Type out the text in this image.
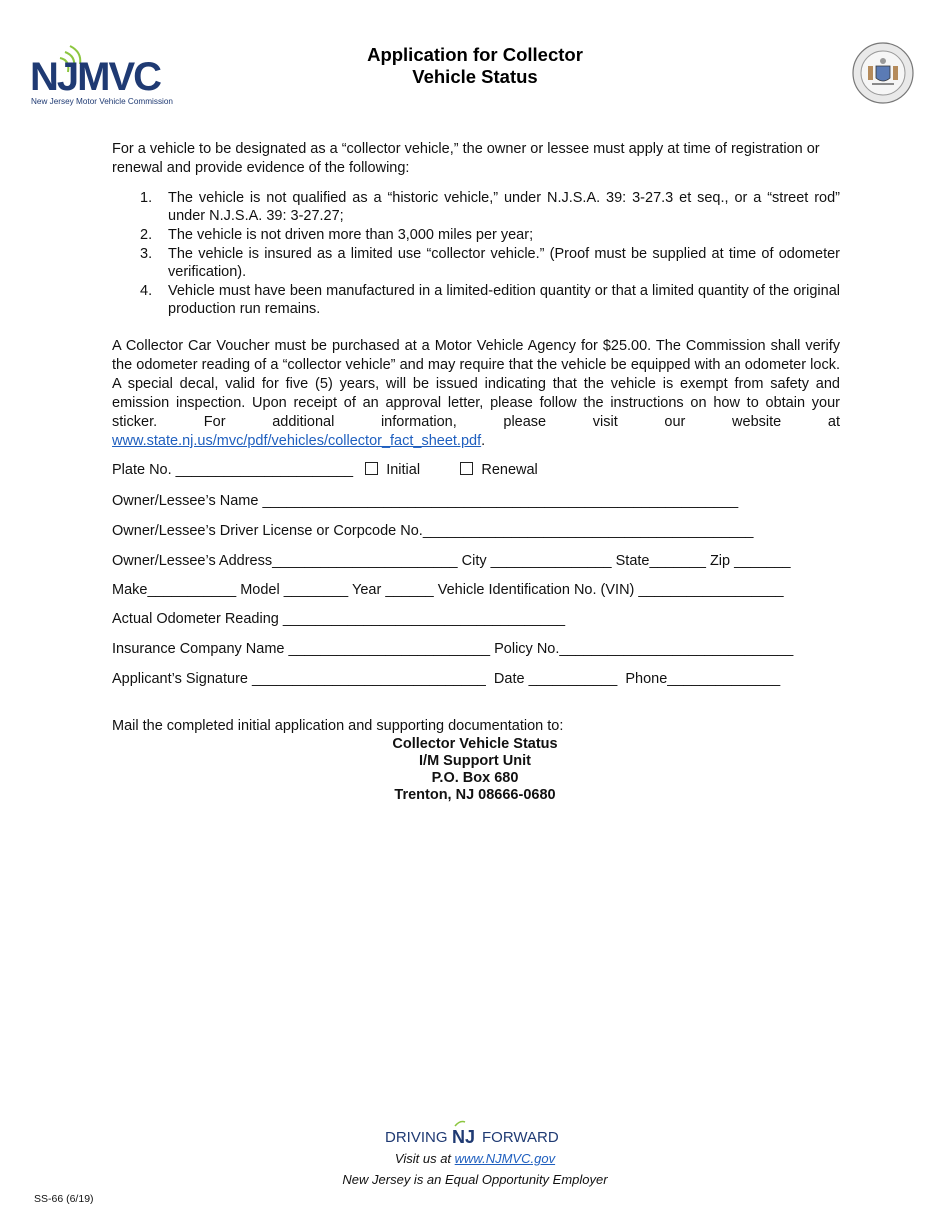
NJMVC
New Jersey Motor Vehicle Commission
Application for Collector
Vehicle Status
For a vehicle to be designated as a “collector vehicle,” the owner or lessee must apply at time of registration or renewal and provide evidence of the following:
1. The vehicle is not qualified as a “historic vehicle,” under N.J.S.A. 39: 3-27.3 et seq., or a “street rod” under N.J.S.A. 39: 3-27.27;
2. The vehicle is not driven more than 3,000 miles per year;
3. The vehicle is insured as a limited use “collector vehicle.” (Proof must be supplied at time of odometer verification).
4. Vehicle must have been manufactured in a limited-edition quantity or that a limited quantity of the original production run remains.
A Collector Car Voucher must be purchased at a Motor Vehicle Agency for $25.00. The Commission shall verify the odometer reading of a “collector vehicle” and may require that the vehicle be equipped with an odometer lock. A special decal, valid for five (5) years, will be issued indicating that the vehicle is exempt from safety and emission inspection. Upon receipt of an approval letter, please follow the instructions on how to obtain your sticker. For additional information, please visit our website at www.state.nj.us/mvc/pdf/vehicles/collector_fact_sheet.pdf.
Plate No. ______________________ Initial	Renewal
Owner/Lessee’s Name ___________________________________________________________
Owner/Lessee’s Driver License or Corpcode No._________________________________________
Owner/Lessee’s Address_______________________ City _______________ State_______ Zip _______
Make___________ Model ________ Year ______ Vehicle Identification No. (VIN) __________________
Actual Odometer Reading ___________________________________
Insurance Company Name _________________________ Policy No._____________________________
Applicant’s Signature _____________________________  Date ___________  Phone______________
Mail the completed initial application and supporting documentation to:
Collector Vehicle Status
I/M Support Unit
P.O. Box 680
Trenton, NJ 08666-0680
DRIVING NJ FORWARD
Visit us at www.NJMVC.gov
New Jersey is an Equal Opportunity Employer
SS-66 (6/19)
